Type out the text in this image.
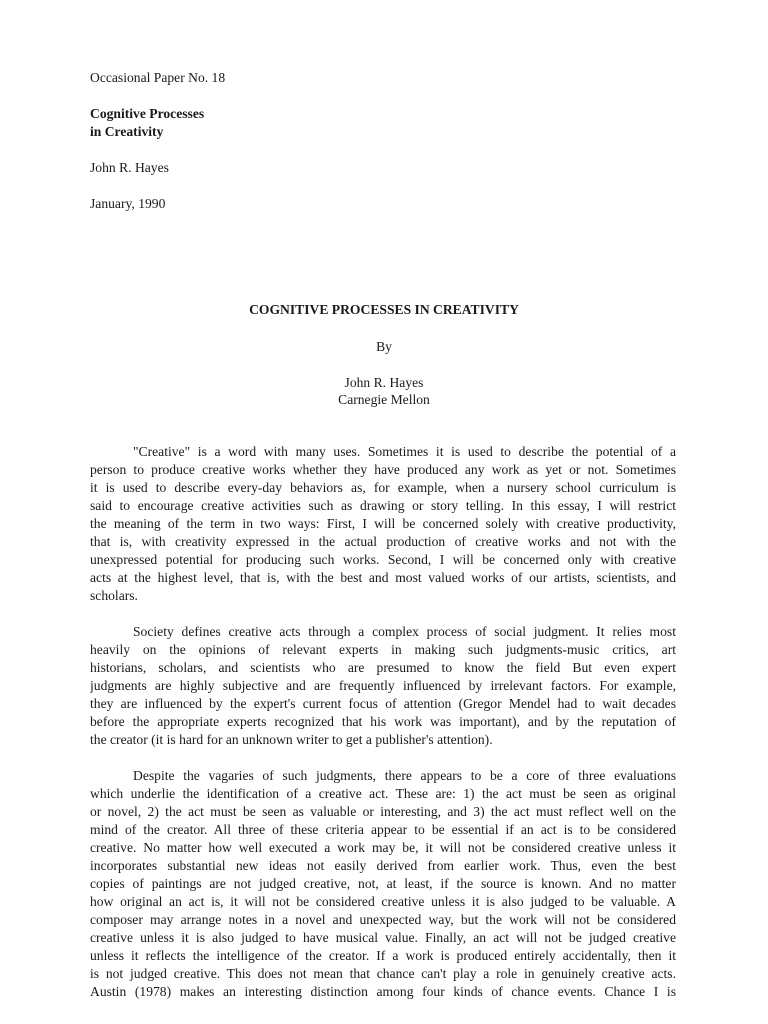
Occasional Paper No. 18
Cognitive Processes
in Creativity
John R. Hayes
January, 1990
COGNITIVE PROCESSES IN CREATIVITY
By
John R. Hayes
Carnegie Mellon
"Creative" is a word with many uses. Sometimes it is used to describe the potential of a
person to produce creative works whether they have produced any work as yet or not. Sometimes
it is used to describe every-day behaviors as, for example, when a nursery school curriculum is
said to encourage creative activities such as drawing or story telling. In this essay, I will restrict
the meaning of the term in two ways: First, I will be concerned solely with creative productivity,
that is, with creativity expressed in the actual production of creative works and not with the
unexpressed potential for producing such works. Second, I will be concerned only with creative
acts at the highest level, that is, with the best and most valued works of our artists, scientists, and
scholars.
Society defines creative acts through a complex process of social judgment. It relies most
heavily on the opinions of relevant experts in making such judgments-music critics, art
historians, scholars, and scientists who are presumed to know the field But even expert
judgments are highly subjective and are frequently influenced by irrelevant factors. For example,
they are influenced by the expert's current focus of attention (Gregor Mendel had to wait decades
before the appropriate experts recognized that his work was important), and by the reputation of
the creator (it is hard for an unknown writer to get a publisher's attention).
Despite the vagaries of such judgments, there appears to be a core of three evaluations
which underlie the identification of a creative act. These are: 1) the act must be seen as original
or novel, 2) the act must be seen as valuable or interesting, and 3) the act must reflect well on the
mind of the creator. All three of these criteria appear to be essential if an act is to be considered
creative. No matter how well executed a work may be, it will not be considered creative unless it
incorporates substantial new ideas not easily derived from earlier work. Thus, even the best
copies of paintings are not judged creative, not, at least, if the source is known. And no matter
how original an act is, it will not be considered creative unless it is also judged to be valuable. A
composer may arrange notes in a novel and unexpected way, but the work will not be considered
creative unless it is also judged to have musical value. Finally, an act will not be judged creative
unless it reflects the intelligence of the creator. If a work is produced entirely accidentally, then it
is not judged creative. This does not mean that chance can't play a role in genuinely creative acts.
Austin (1978) makes an interesting distinction among four kinds of chance events. Chance I is
